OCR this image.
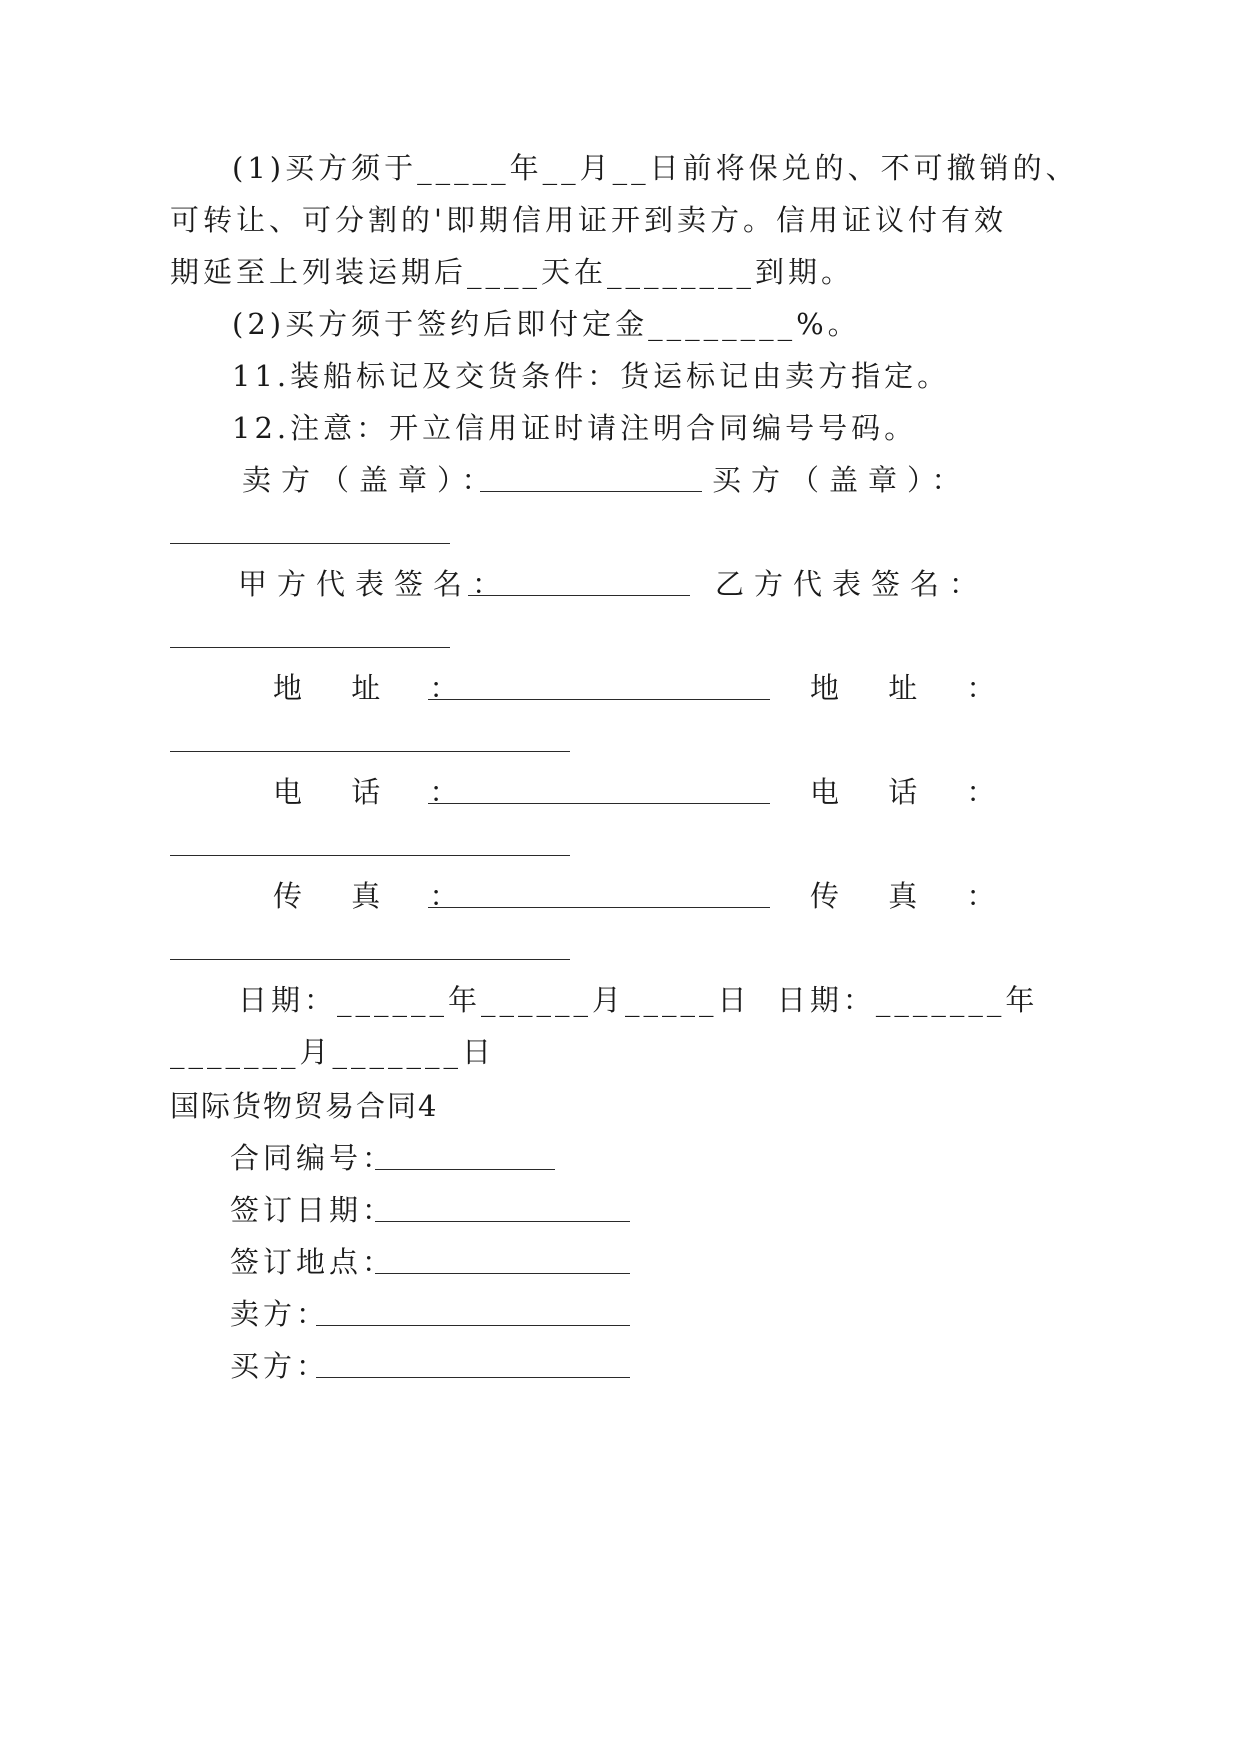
(1)买方须于_____年__月__日前将保兑的、不可撤销的、

可转让、可分割的'即期信用证开到卖方。信用证议付有效

期延至上列装运期后____天在________到期。

(2)买方须于签约后即付定金________%。

11.装船标记及交货条件：货运标记由卖方指定。

12.注意：开立信用证时请注明合同编号号码。

卖方（盖章）：	买方（盖章）：

甲方代表签名：	乙方代表签名：

地 址 ：	地 址 ：

电 话 ：	电 话 ：

传 真 ：	传 真 ：

日期：______年______月_____日  日期：_______年

_______月_______日

国际货物贸易合同4

合同编号：

签订日期：

签订地点：

卖方：

买方：
